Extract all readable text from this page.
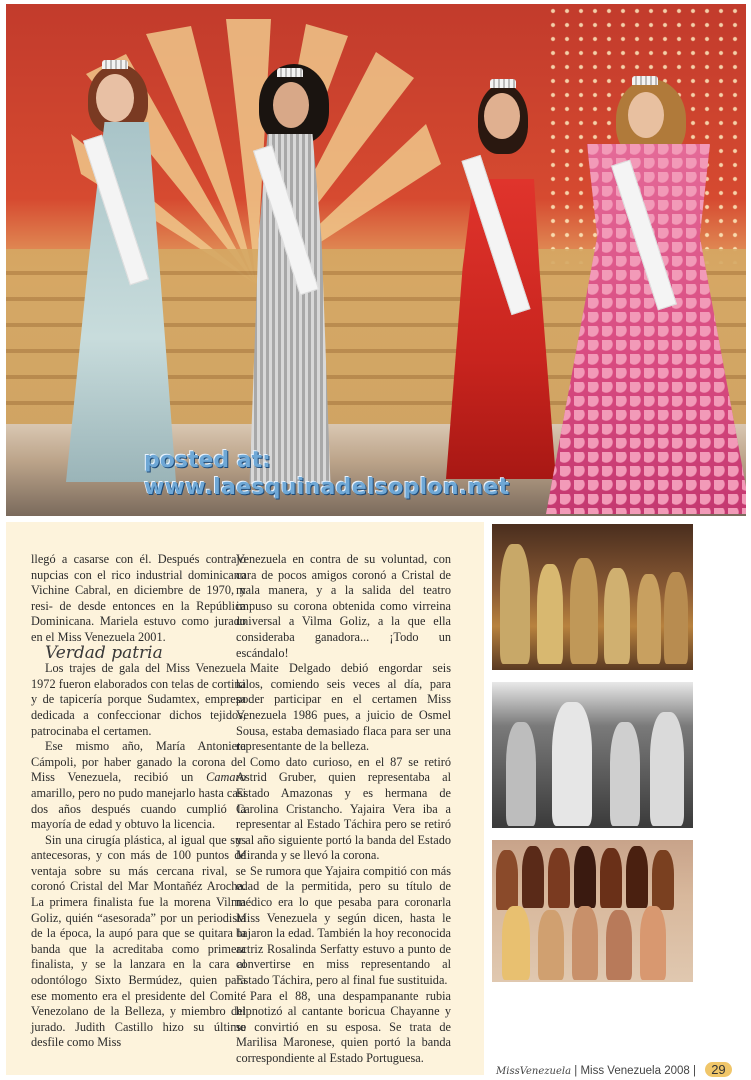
posted at:
www.laesquinadelsoplon.net

llegó a casarse con él. Después contrajo nupcias con el rico industrial dominicano Vichine Cabral, en diciembre de 1970, y resi- de desde entonces en la República Dominicana. Mariela estuvo como jurado en el Miss Venezuela 2001.

Verdad patria

Los trajes de gala del Miss Venezuela 1972 fueron elaborados con telas de cortina y de tapicería porque Sudamtex, empresa dedicada a confeccionar dichos tejidos, patrocinaba el certamen.

Ese mismo año, María Antonieta Cámpoli, por haber ganado la corona del Miss Venezuela, recibió un Camaro amarillo, pero no pudo manejarlo hasta casi dos años después cuando cumplió la mayoría de edad y obtuvo la licencia.

Sin una cirugía plástica, al igual que sus antecesoras, y con más de 100 puntos de ventaja sobre su más cercana rival, se coronó Cristal del Mar Montañéz Arocha. La primera finalista fue la morena Vilma Goliz, quién “asesorada” por un periodista de la época, la aupó para que se quitara la banda que la acreditaba como primera finalista, y se la lanzara en la cara al odontólogo Sixto Bermúdez, quien para ese momento era el presidente del Comité Venezolano de la Belleza, y miembro del jurado. Judith Castillo hizo su último desfile como Miss

Venezuela en contra de su voluntad, con cara de pocos amigos coronó a Cristal de mala manera, y a la salida del teatro impuso su corona obtenida como virreina universal a Vilma Goliz, a la que ella consideraba ganadora... ¡Todo un escándalo!

Maite Delgado debió engordar seis kilos, comiendo seis veces al día, para poder participar en el certamen Miss Venezuela 1986 pues, a juicio de Osmel Sousa, estaba demasiado flaca para ser una representante de la belleza.

Como dato curioso, en el 87 se retiró Astrid Gruber, quien representaba al Estado Amazonas y es hermana de Carolina Cristancho. Yajaira Vera iba a representar al Estado Táchira pero se retiró y al año siguiente portó la banda del Estado Miranda y se llevó la corona.

Se rumora que Yajaira compitió con más edad de la permitida, pero su título de médico era lo que pesaba para coronarla Miss Venezuela y según dicen, hasta le bajaron la edad. También la hoy reconocida actriz Rosalinda Serfatty estuvo a punto de convertirse en miss representando al Estado Táchira, pero al final fue sustituida.

Para el 88, una despampanante rubia hipnotizó al cantante boricua Chayanne y se convirtió en su esposa. Se trata de Marilisa Maronese, quien portó la banda correspondiente al Estado Portuguesa.

MissVenezuela | Miss Venezuela 2008 | 29
